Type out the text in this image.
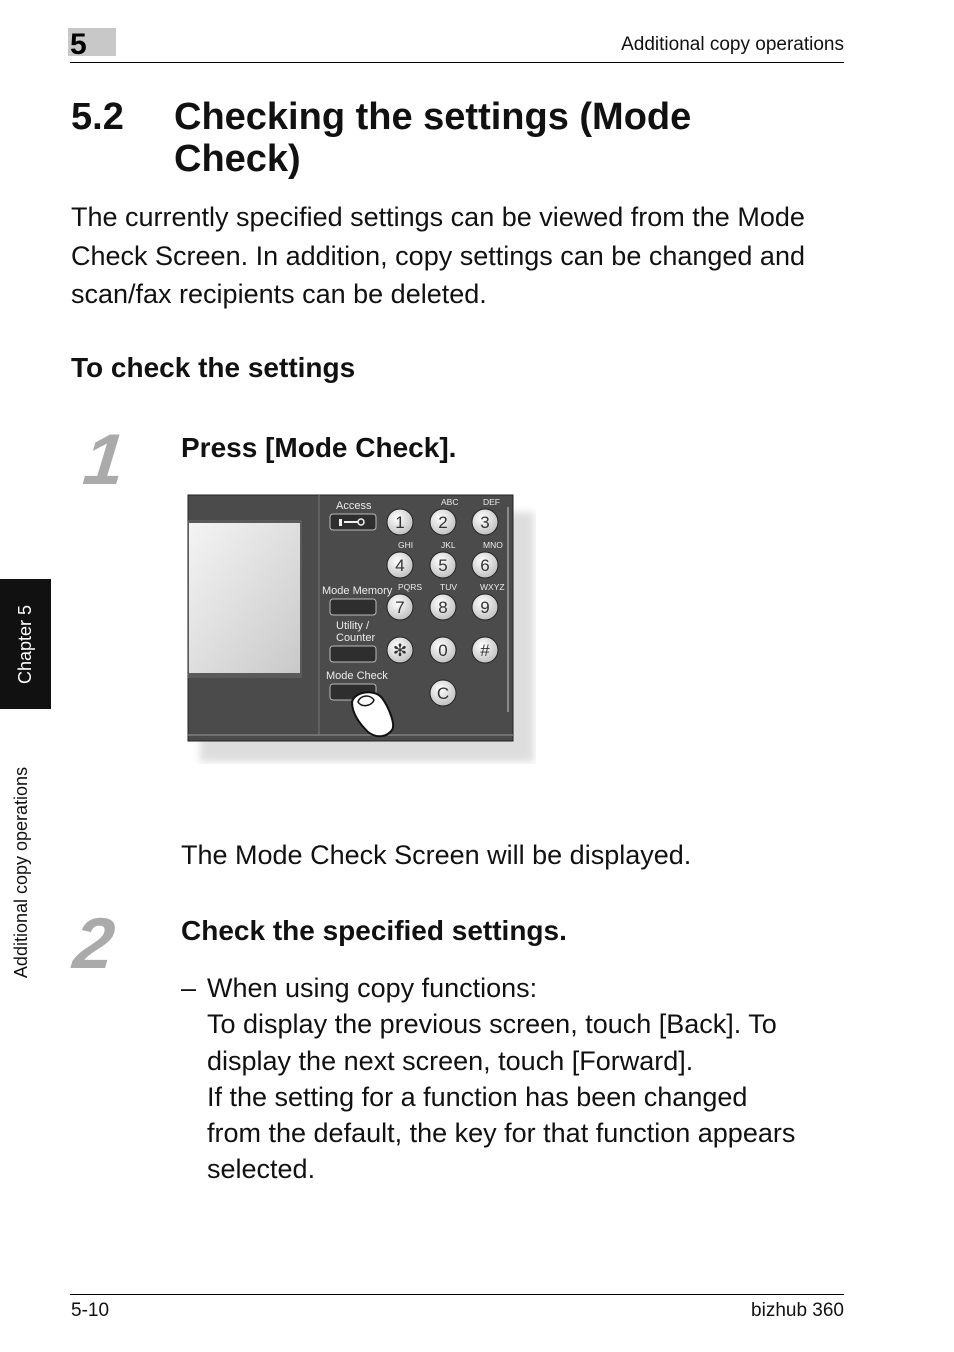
5	Additional copy operations
Chapter 5
Additional copy operations
5.2 Checking the settings (Mode Check)
The currently specified settings can be viewed from the Mode Check Screen. In addition, copy settings can be changed and scan/fax recipients can be deleted.
To check the settings
1 Press [Mode Check].
Access
Mode Memory
Utility /
Counter
Mode Check
ABC	DEF
GHI	JKL	MNO
PQRS TUV	WXYZ
1 2 3
4 5 6
7 8 9
✻ 0 #
C
The Mode Check Screen will be displayed.
2 Check the specified settings.
– When using copy functions:
To display the previous screen, touch [Back]. To
display the next screen, touch [Forward].
If the setting for a function has been changed
from the default, the key for that function appears
selected.
5-10	bizhub 360
